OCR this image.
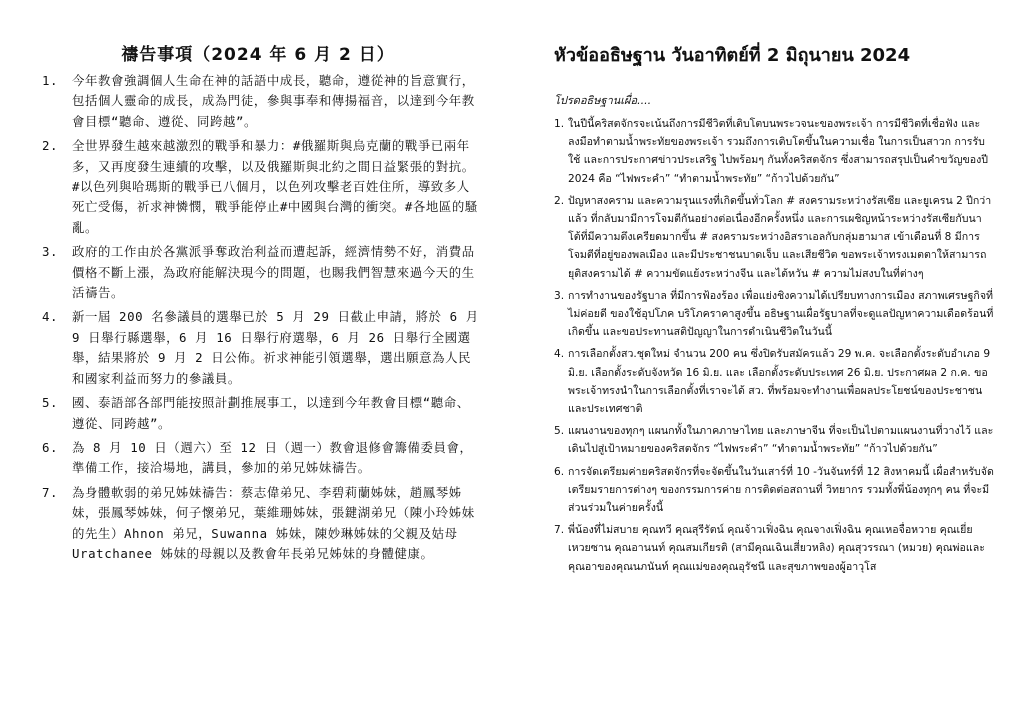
禱告事項（2024 年 6 月 2 日）
1. 今年教會強調個人生命在神的話語中成長，聽命，遵從神的旨意實行，包括個人靈命的成長，成為門徒，參與事奉和傳揚福音，以達到今年教會目標“聽命、遵從、同跨越”。
2. 全世界發生越來越激烈的戰爭和暴力：#俄羅斯與烏克蘭的戰爭已兩年多，又再度發生連續的攻擊，以及俄羅斯與北約之間日益緊張的對抗。#以色列與哈瑪斯的戰爭已八個月，以色列攻擊老百姓住所，導致多人死亡受傷，祈求神憐憫，戰爭能停止#中國與台灣的衝突。#各地區的騷亂。
3. 政府的工作由於各黨派爭奪政治利益而遭起訴，經濟情勢不好，消費品價格不斷上漲，為政府能解決現今的問題，也賜我們智慧來過今天的生活禱告。
4. 新一屆 200 名參議員的選舉已於 5 月 29 日截止申請，將於 6 月 9 日舉行縣選舉，6 月 16 日舉行府選舉，6 月 26 日舉行全國選舉，結果將於 9 月 2 日公佈。祈求神能引領選舉，選出願意為人民和國家利益而努力的參議員。
5. 國、泰語部各部門能按照計劃推展事工，以達到今年教會目標“聽命、遵從、同跨越”。
6. 為 8 月 10 日（週六）至 12 日（週一）教會退修會籌備委員會，準備工作，接洽場地，講員，參加的弟兄姊妹禱告。
7. 為身體軟弱的弟兄姊妹禱告：蔡志偉弟兄、李碧莉蘭姊妹，趙鳳琴姊妹，張鳳琴姊妹，何子懷弟兄，葉維珊姊妹，張鍵湖弟兄（陳小玲姊妹的先生）Ahnon 弟兄，Suwanna 姊妹，陳妙琳姊妹的父親及姑母 Uratchanee 姊妹的母親以及教會年長弟兄姊妹的身體健康。
หัวข้ออธิษฐาน วันอาทิตย์ที่ 2 มิถุนายน 2024

โปรดอธิษฐานเผื่อ....

1. ในปีนี้คริสตจักรจะเน้นถึงการมีชีวิตที่เติบโตบนพระวจนะของพระเจ้า การมีชีวิตที่เชื่อฟัง และลงมือทำตามน้ำพระทัยของพระเจ้า รวมถึงการเติบโตขึ้นในความเชื่อ ในการเป็นสาวก การรับใช้ และการประกาศข่าวประเสริฐ ไปพร้อมๆ กันทั้งคริสตจักร ซึ่งสามารถสรุปเป็นคำขวัญของปี 2024 คือ “ไฟพระคำ” “ทำตามน้ำพระทัย” “ก้าวไปด้วยกัน”
2. ปัญหาสงคราม และความรุนแรงที่เกิดขึ้นทั่วโลก # สงครามระหว่างรัสเซีย และยูเครน 2 ปีกว่าแล้ว ที่กลับมามีการโจมตีกันอย่างต่อเนื่องอีกครั้งหนึ่ง และการเผชิญหน้าระหว่างรัสเซียกับนาโต้ที่มีความตึงเครียดมากขึ้น # สงครามระหว่างอิสราเอลกับกลุ่มฮามาส เข้าเดือนที่ 8 มีการโจมตีที่อยู่ของพลเมือง และมีประชาชนบาดเจ็บ และเสียชีวิต ขอพระเจ้าทรงเมตตาให้สามารถยุติสงครามได้ # ความขัดแย้งระหว่างจีน และไต้หวัน # ความไม่สงบในที่ต่างๆ
3. การทำงานของรัฐบาล ที่มีการฟ้องร้อง เพื่อแย่งชิงความได้เปรียบทางการเมือง สภาพเศรษฐกิจที่ไม่ค่อยดี ของใช้อุปโภค บริโภคราคาสูงขึ้น อธิษฐานเผื่อรัฐบาลที่จะดูแลปัญหาความเดือดร้อนที่เกิดขึ้น และขอประทานสติปัญญาในการดำเนินชีวิตในวันนี้
4. การเลือกตั้งสว.ชุดใหม่ จำนวน 200 คน ซึ่งปิดรับสมัครแล้ว 29 พ.ค. จะเลือกตั้งระดับอำเภอ 9 มิ.ย. เลือกตั้งระดับจังหวัด 16 มิ.ย. และ เลือกตั้งระดับประเทศ 26 มิ.ย. ประกาศผล 2 ก.ค. ขอพระเจ้าทรงนำในการเลือกตั้งที่เราจะได้ สว. ที่พร้อมจะทำงานเพื่อผลประโยชน์ของประชาชน และประเทศชาติ
5. แผนงานของทุกๆ แผนกทั้งในภาคภาษาไทย และภาษาจีน ที่จะเป็นไปตามแผนงานที่วางไว้ และเดินไปสู่เป้าหมายของคริสตจักร “ไฟพระคำ” “ทำตามน้ำพระทัย” “ก้าวไปด้วยกัน”
6. การจัดเตรียมค่ายคริสตจักรที่จะจัดขึ้นในวันเสาร์ที่ 10 -วันจันทร์ที่ 12 สิงหาคมนี้ เผื่อสำหรับจัดเตรียมรายการต่างๆ ของกรรมการค่าย การติดต่อสถานที่ วิทยากร รวมทั้งพี่น้องทุกๆ คน ที่จะมีส่วนร่วมในค่ายครั้งนี้
7. พี่น้องที่ไม่สบาย คุณทวี คุณสุรีรัตน์ คุณจ้าวเฟิ่งฉิน คุณจางเฟิ่งฉิน คุณเหอจื่อหวาย คุณเยี่ยเหวยซาน คุณอานนท์ คุณสมเกียรติ (สามีคุณเฉินเสี่ยวหลิง) คุณสุวรรณา (หมวย) คุณพ่อและคุณอาของคุณนภนันท์ คุณแม่ของคุณอุรัชนี และสุขภาพของผู้อาวุโส
